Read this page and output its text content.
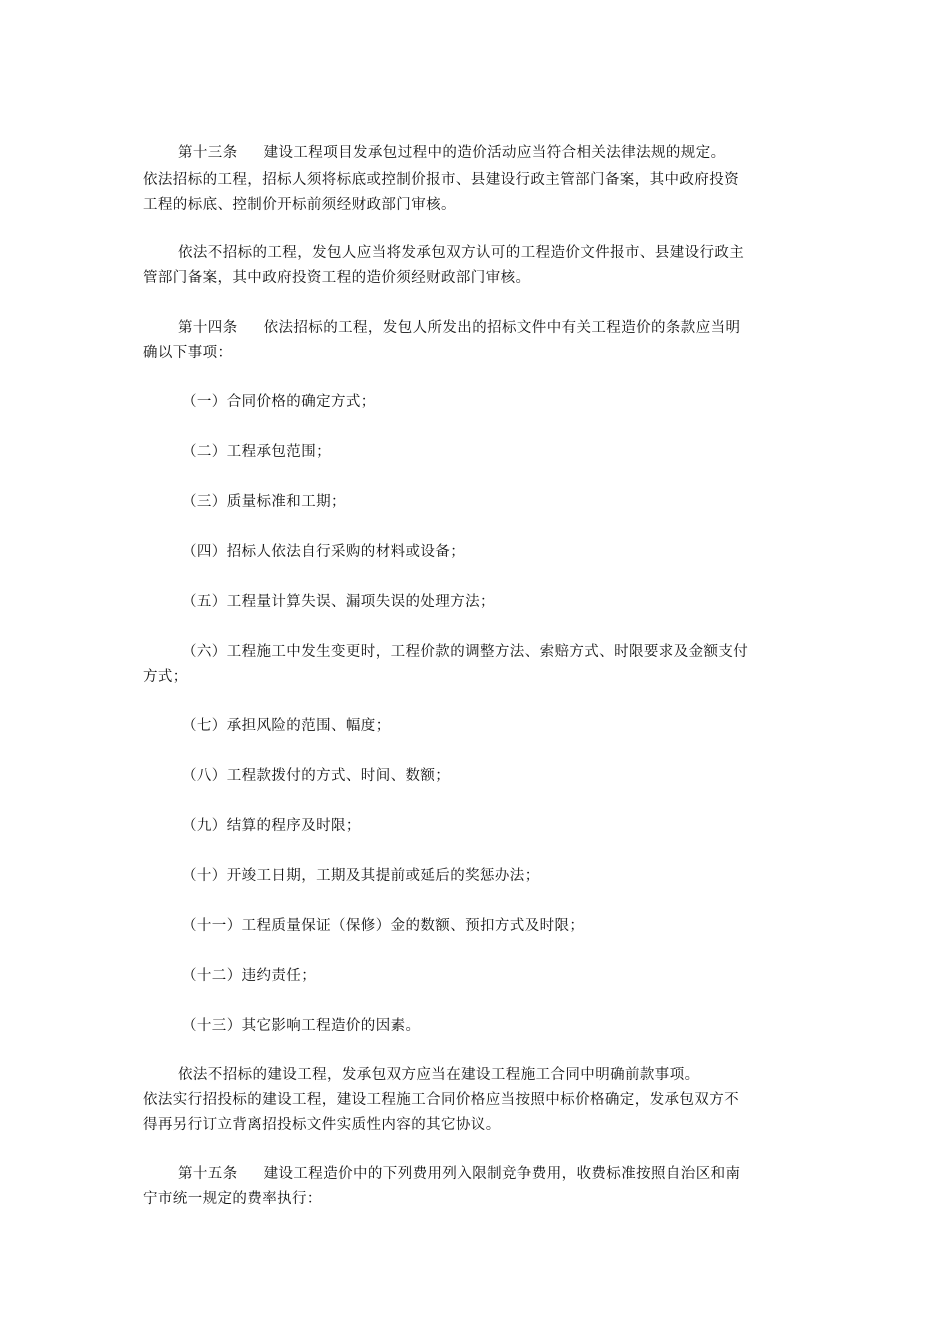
第十三条 建设工程项目发承包过程中的造价活动应当符合相关法律法规的规定。
依法招标的工程，招标人须将标底或控制价报市、县建设行政主管部门备案，其中政府投资
工程的标底、控制价开标前须经财政部门审核。
依法不招标的工程，发包人应当将发承包双方认可的工程造价文件报市、县建设行政主
管部门备案，其中政府投资工程的造价须经财政部门审核。
第十四条 依法招标的工程，发包人所发出的招标文件中有关工程造价的条款应当明
确以下事项：
（一）合同价格的确定方式；
（二）工程承包范围；
（三）质量标准和工期；
（四）招标人依法自行采购的材料或设备；
（五）工程量计算失误、漏项失误的处理方法；
（六）工程施工中发生变更时，工程价款的调整方法、索赔方式、时限要求及金额支付
方式；
（七）承担风险的范围、幅度；
（八）工程款拨付的方式、时间、数额；
（九）结算的程序及时限；
（十）开竣工日期，工期及其提前或延后的奖惩办法；
（十一）工程质量保证（保修）金的数额、预扣方式及时限；
（十二）违约责任；
（十三）其它影响工程造价的因素。
依法不招标的建设工程，发承包双方应当在建设工程施工合同中明确前款事项。
依法实行招投标的建设工程，建设工程施工合同价格应当按照中标价格确定，发承包双方不
得再另行订立背离招投标文件实质性内容的其它协议。
第十五条 建设工程造价中的下列费用列入限制竞争费用，收费标准按照自治区和南
宁市统一规定的费率执行：
